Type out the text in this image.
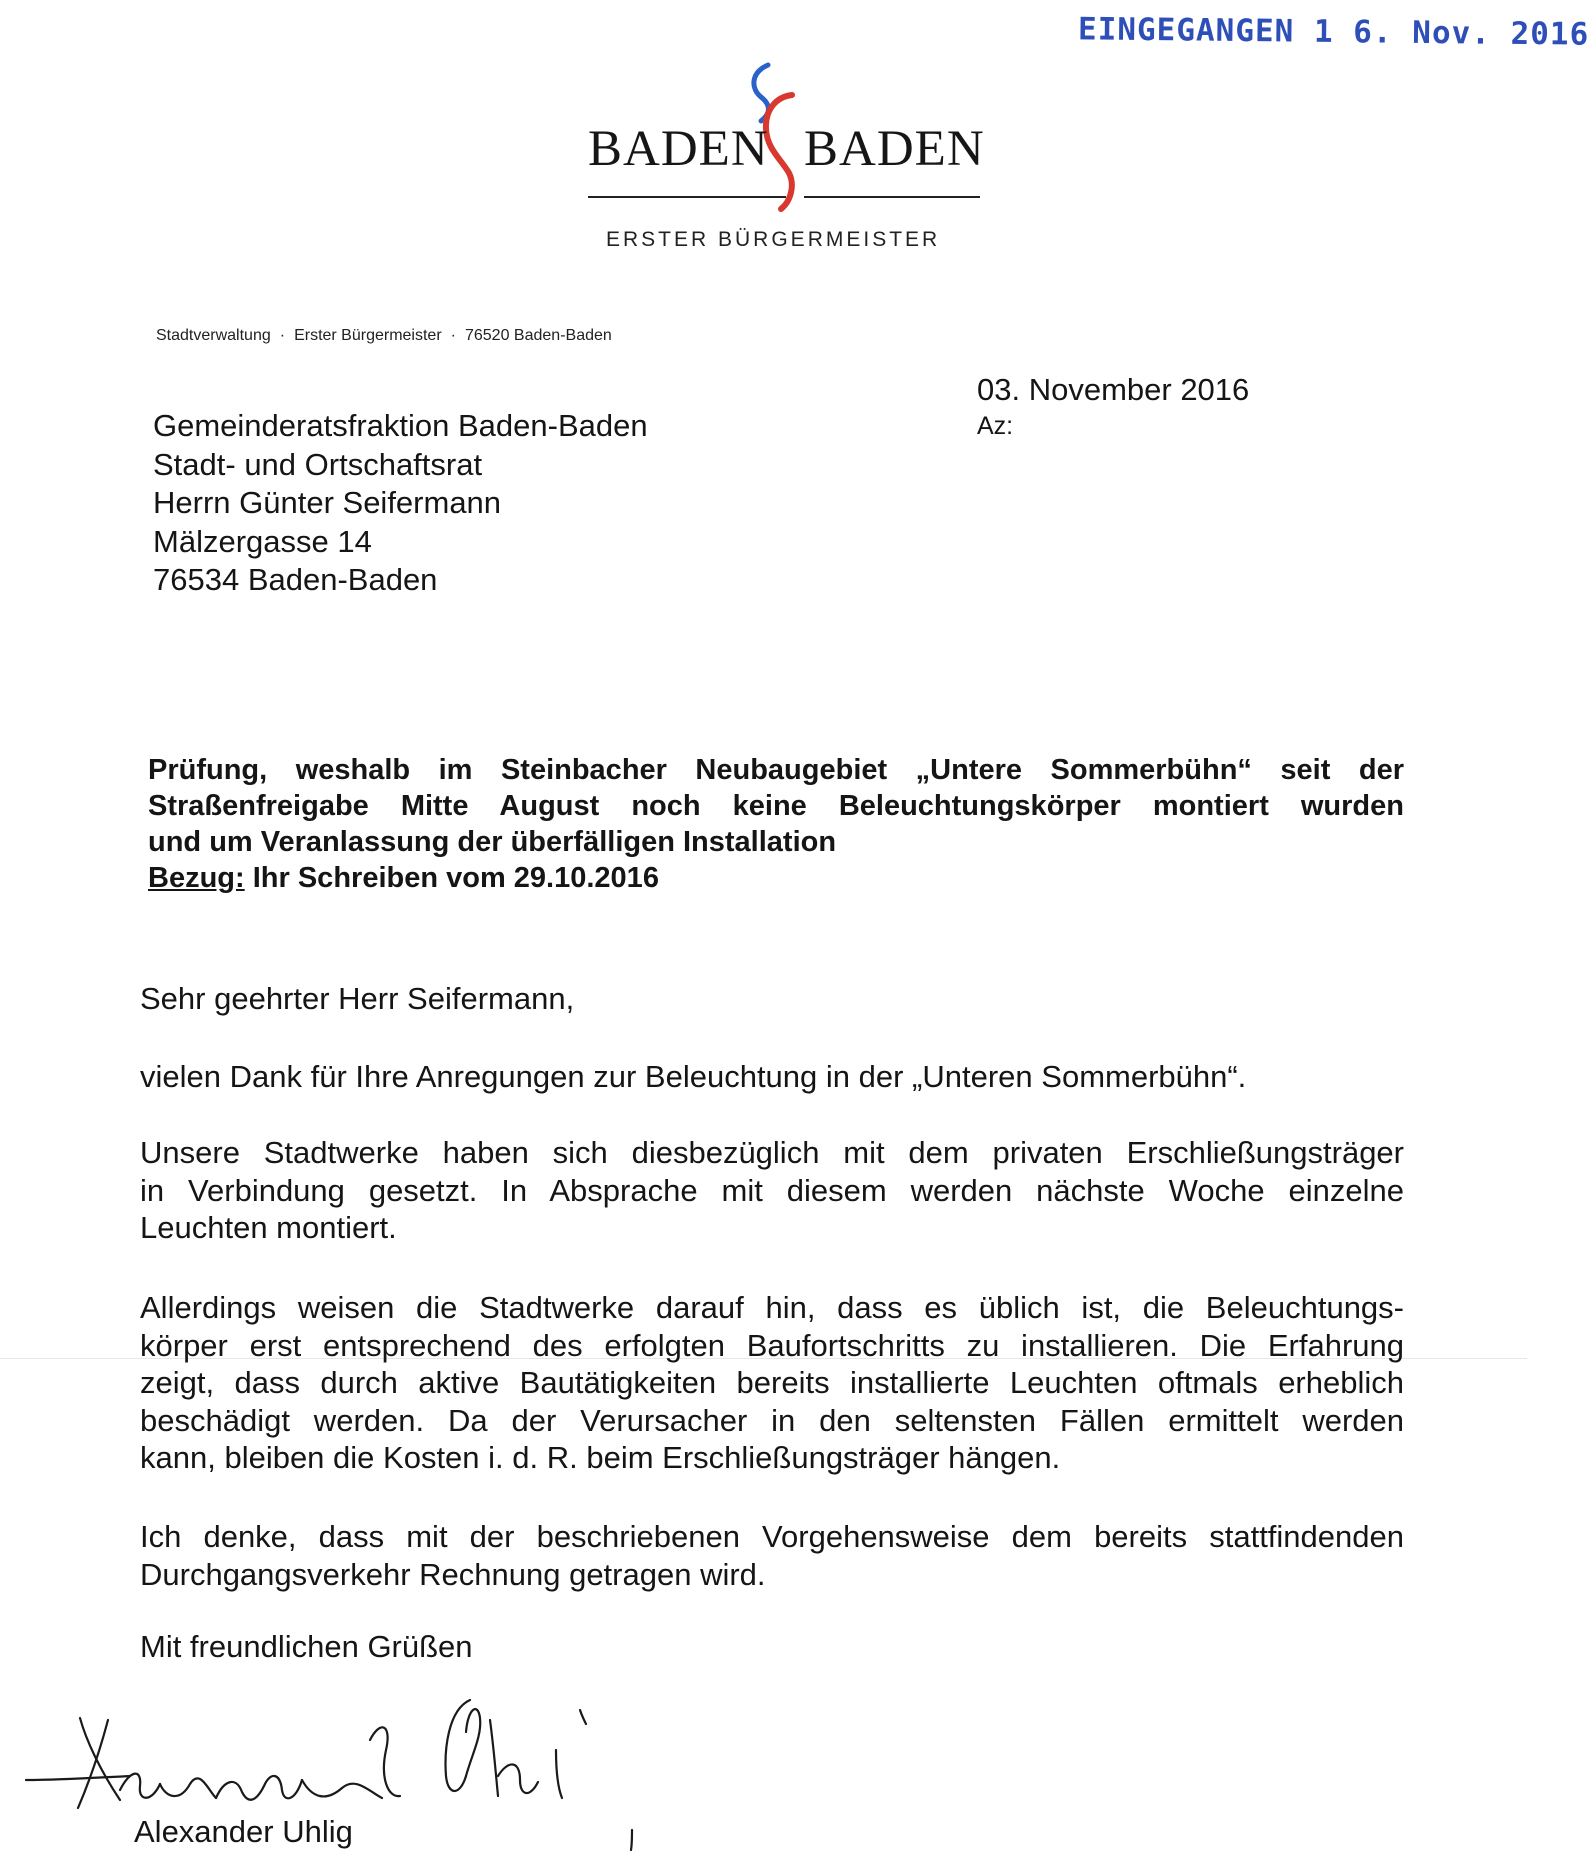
EINGEGANGEN 1 6. Nov. 2016
BADEN BADEN
ERSTER BÜRGERMEISTER
Stadtverwaltung · Erster Bürgermeister · 76520 Baden-Baden
03. November 2016
Az:
Gemeinderatsfraktion Baden-Baden
Stadt- und Ortschaftsrat
Herrn Günter Seifermann
Mälzergasse 14
76534 Baden-Baden
Prüfung, weshalb im Steinbacher Neubaugebiet „Untere Sommerbühn“ seit der
Straßenfreigabe Mitte August noch keine Beleuchtungskörper montiert wurden
und um Veranlassung der überfälligen Installation
Bezug: Ihr Schreiben vom 29.10.2016
Sehr geehrter Herr Seifermann,
vielen Dank für Ihre Anregungen zur Beleuchtung in der „Unteren Sommerbühn“.
Unsere Stadtwerke haben sich diesbezüglich mit dem privaten Erschließungsträger
in Verbindung gesetzt. In Absprache mit diesem werden nächste Woche einzelne
Leuchten montiert.
Allerdings weisen die Stadtwerke darauf hin, dass es üblich ist, die Beleuchtungs-
körper erst entsprechend des erfolgten Baufortschritts zu installieren. Die Erfahrung
zeigt, dass durch aktive Bautätigkeiten bereits installierte Leuchten oftmals erheblich
beschädigt werden. Da der Verursacher in den seltensten Fällen ermittelt werden
kann, bleiben die Kosten i. d. R. beim Erschließungsträger hängen.
Ich denke, dass mit der beschriebenen Vorgehensweise dem bereits stattfindenden
Durchgangsverkehr Rechnung getragen wird.
Mit freundlichen Grüßen
Alexander Uhlig
